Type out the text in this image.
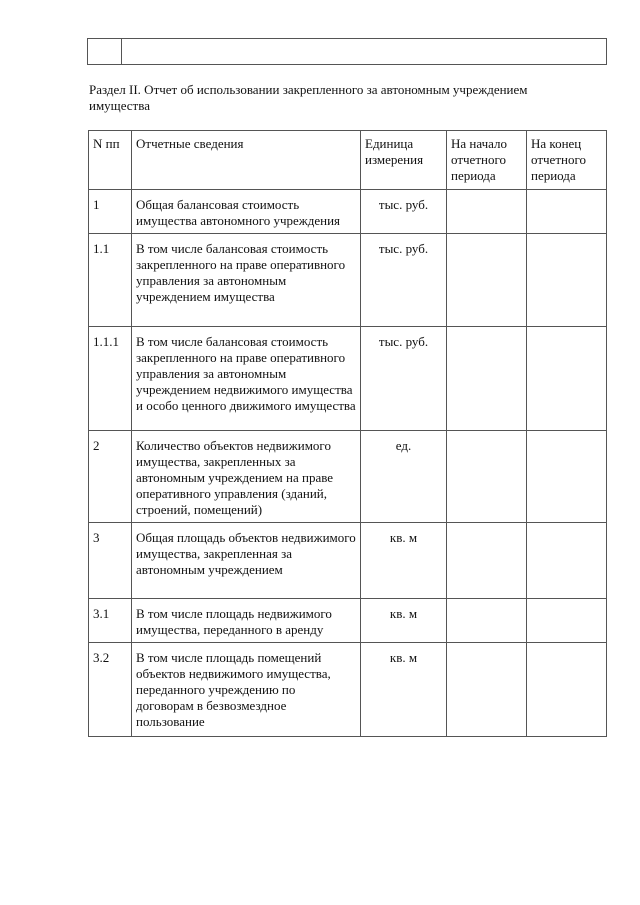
Раздел II. Отчет об использовании закрепленного за автономным учреждением имущества
N пп	Отчетные сведения	Единица измерения	На начало отчетного периода	На конец отчетного периода
1	Общая балансовая стоимость имущества автономного учреждения	тыс. руб.		
1.1	В том числе балансовая стоимость закрепленного на праве оперативного управления за автономным учреждением имущества	тыс. руб.		
1.1.1	В том числе балансовая стоимость закрепленного на праве оперативного управления за автономным учреждением недвижимого имущества и особо ценного движимого имущества	тыс. руб.		
2	Количество объектов недвижимого имущества, закрепленных за автономным учреждением на праве оперативного управления (зданий, строений, помещений)	ед.		
3	Общая площадь объектов недвижимого имущества, закрепленная за автономным учреждением	кв. м		
3.1	В том числе площадь недвижимого имущества, переданного в аренду	кв. м		
3.2	В том числе площадь помещений объектов недвижимого имущества, переданного учреждению по договорам в безвозмездное пользование	кв. м		
